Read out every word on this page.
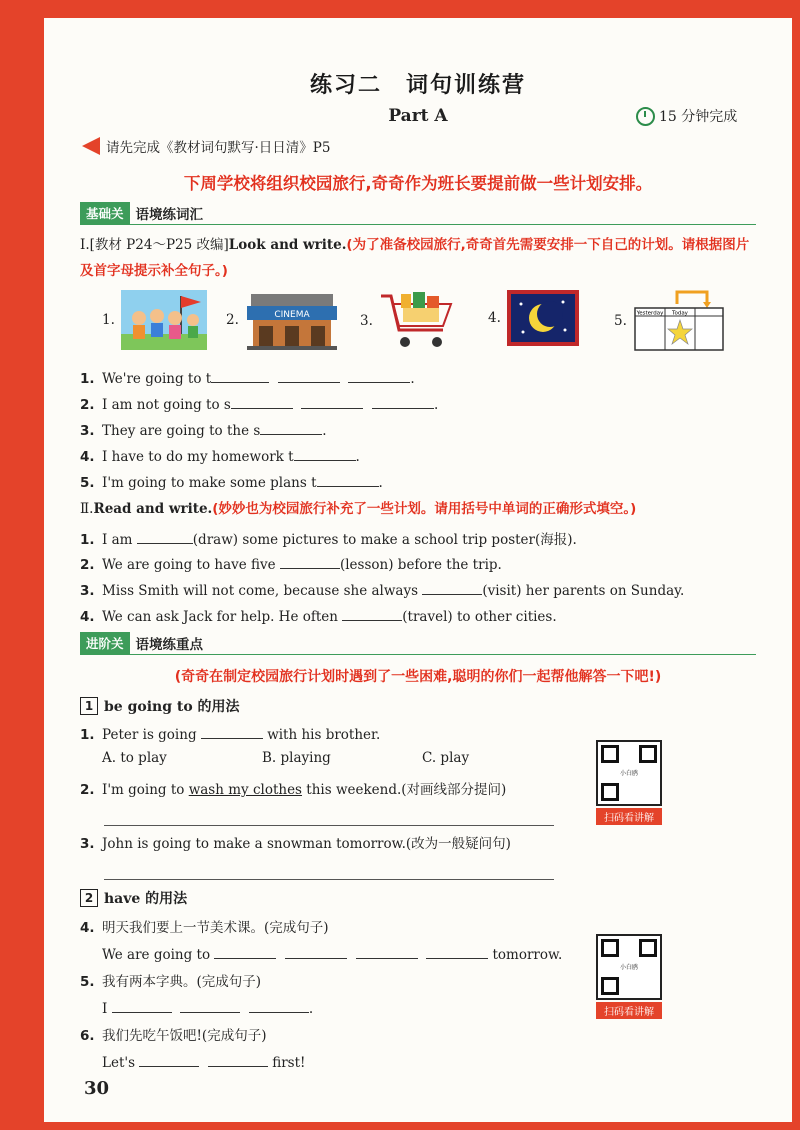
练习二　词句训练营
Part A	15 分钟完成
请先完成《教材词句默写·日日清》P5
下周学校将组织校园旅行,奇奇作为班长要提前做一些计划安排。
基础关 语境练词汇
Ⅰ.[教材 P24～P25 改编]Look and write.(为了准备校园旅行,奇奇首先需要安排一下自己的计划。请根据图片及首字母提示补全句子。)
1.	2.	CINEMA	3.	4.	5. Yesterday Today
1. We're going to t	.
2. I am not going to s	.
3. They are going to the s	.
4. I have to do my homework t	.
5. I'm going to make some plans t	.
Ⅱ.Read and write.(妙妙也为校园旅行补充了一些计划。请用括号中单词的正确形式填空。)
1. I am	(draw) some pictures to make a school trip poster(海报).
2. We are going to have five	(lesson) before the trip.
3. Miss Smith will not come, because she always	(visit) her parents on Sunday.
4. We can ask Jack for help. He often	(travel) to other cities.
进阶关 语境练重点
(奇奇在制定校园旅行计划时遇到了一些困难,聪明的你们一起帮他解答一下吧!)
1 be going to 的用法
1. Peter is going	with his brother.
A. to play	B. playing	C. play
2. I'm going to wash my clothes this weekend.(对画线部分提问)
3. John is going to make a snowman tomorrow.(改为一般疑问句)
小白鸥
扫码看讲解
2 have 的用法
4. 明天我们要上一节美术课。(完成句子)
We are going to	tomorrow.
5. 我有两本字典。(完成句子)
I	.
6. 我们先吃午饭吧!(完成句子)
Let's	first!
小白鸥
扫码看讲解
30
